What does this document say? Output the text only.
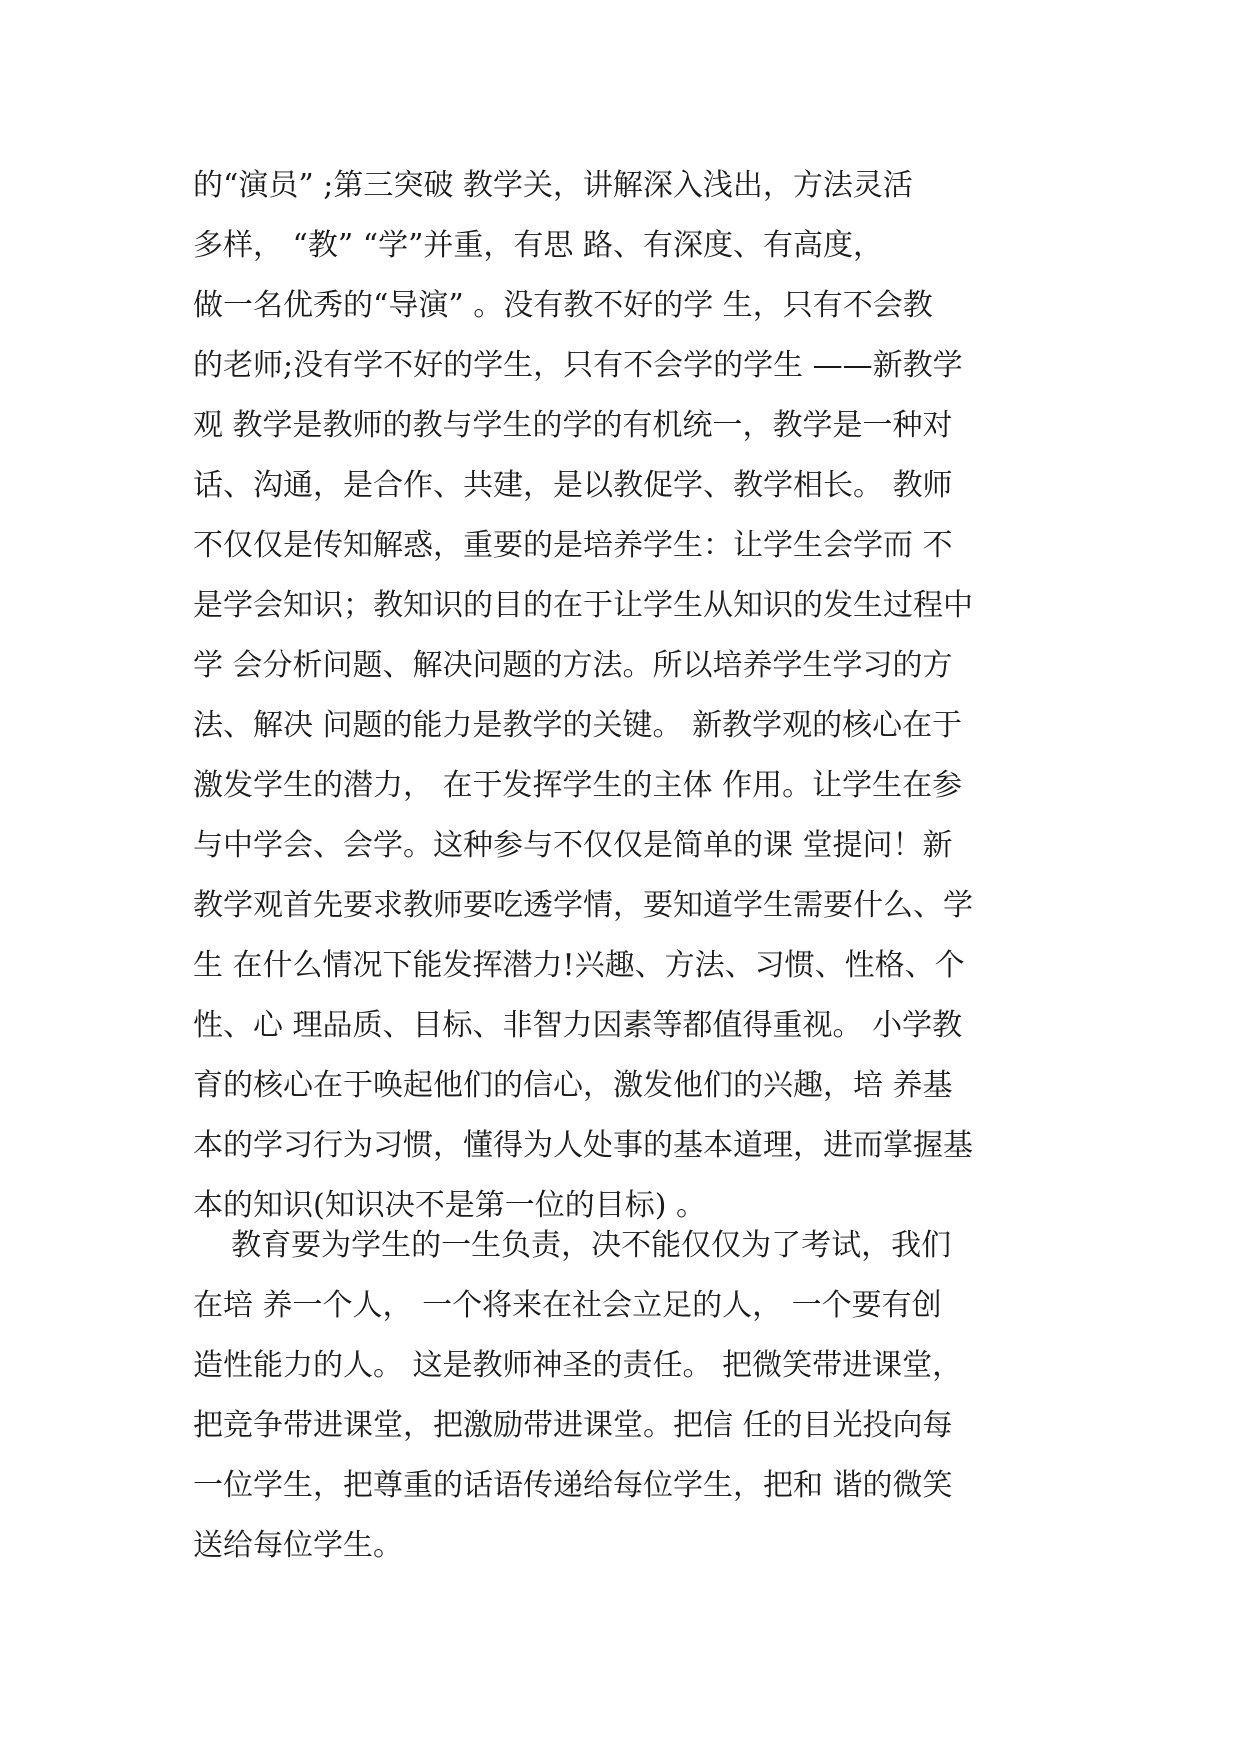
的“演员” ;第三突破 教学关，讲解深入浅出，方法灵活
多样， “教” “学”并重，有思 路、有深度、有高度，
做一名优秀的“导演” 。没有教不好的学 生，只有不会教
的老师;没有学不好的学生，只有不会学的学生 ——新教学
观 教学是教师的教与学生的学的有机统一，教学是一种对
话、沟通，是合作、共建，是以教促学、教学相长。 教师
不仅仅是传知解惑，重要的是培养学生：让学生会学而 不
是学会知识；教知识的目的在于让学生从知识的发生过程中
学 会分析问题、解决问题的方法。所以培养学生学习的方
法、解决 问题的能力是教学的关键。 新教学观的核心在于
激发学生的潜力， 在于发挥学生的主体 作用。让学生在参
与中学会、会学。这种参与不仅仅是简单的课 堂提问！新
教学观首先要求教师要吃透学情，要知道学生需要什么、学
生 在什么情况下能发挥潜力!兴趣、方法、习惯、性格、个
性、心 理品质、目标、非智力因素等都值得重视。 小学教
育的核心在于唤起他们的信心，激发他们的兴趣，培 养基
本的学习行为习惯，懂得为人处事的基本道理，进而掌握基
本的知识(知识决不是第一位的目标) 。
教育要为学生的一生负责，决不能仅仅为了考试，我们
在培 养一个人， 一个将来在社会立足的人， 一个要有创
造性能力的人。 这是教师神圣的责任。 把微笑带进课堂，
把竞争带进课堂，把激励带进课堂。把信 任的目光投向每
一位学生，把尊重的话语传递给每位学生，把和 谐的微笑
送给每位学生。
